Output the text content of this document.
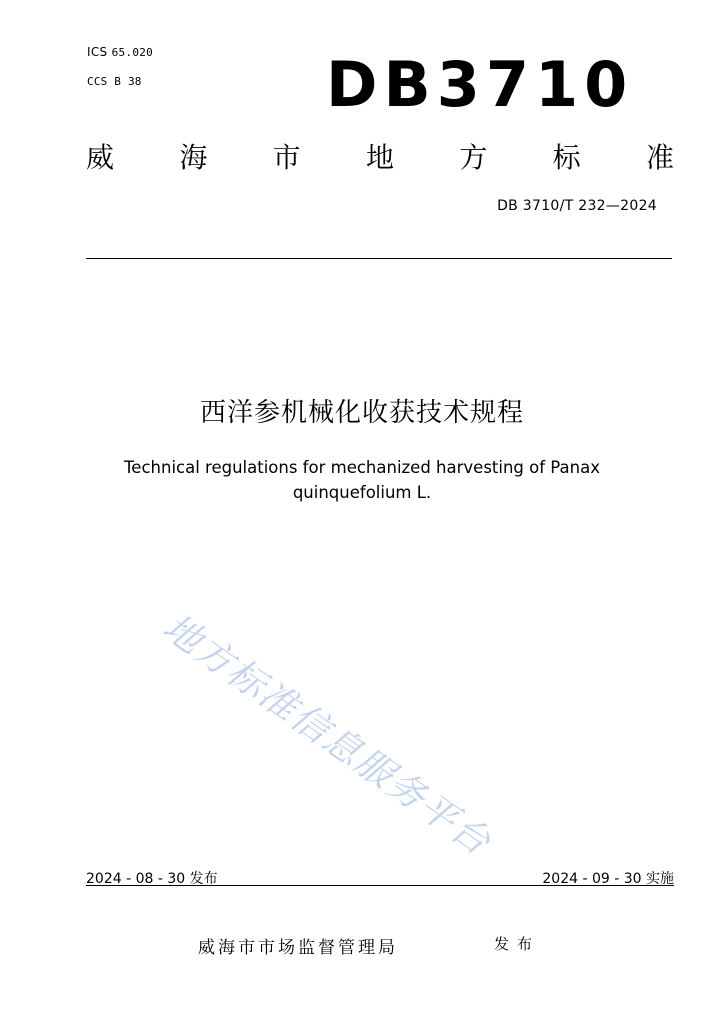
ICS 65.020
CCS B 38	DB3710
威 海 市 地 方 标 准
DB 3710/T 232—2024
西洋参机械化收获技术规程
Technical regulations for mechanized harvesting of Panax quinquefolium L.
地方标准信息服务平台
2024 - 08 - 30 发布	2024 - 09 - 30 实施
威海市市场监督管理局	发布
